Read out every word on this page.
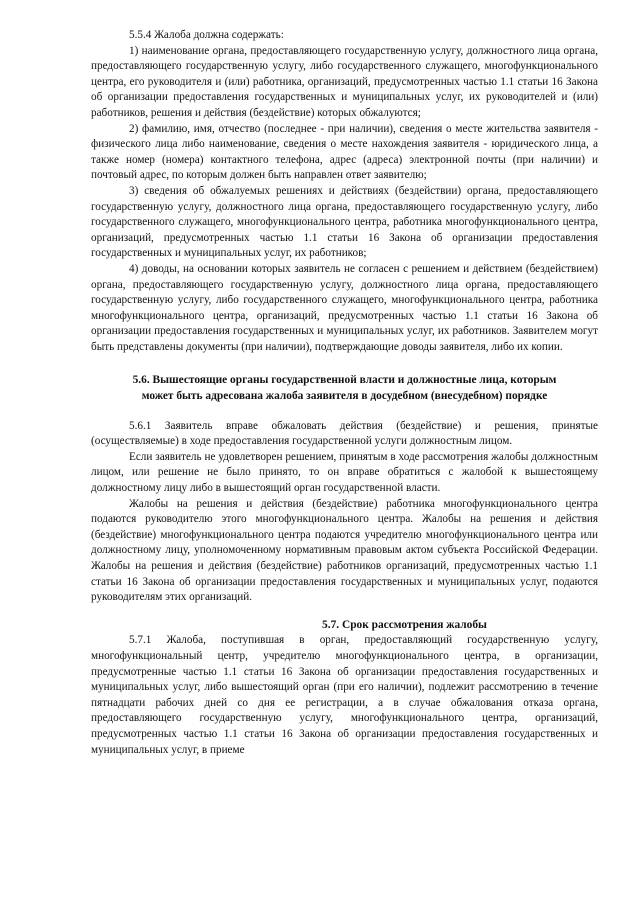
5.5.4 Жалоба должна содержать:

1) наименование органа, предоставляющего государственную услугу, должностного лица органа, предоставляющего государственную услугу, либо государственного служащего, многофункционального центра, его руководителя и (или) работника, организаций, предусмотренных частью 1.1 статьи 16 Закона об организации предоставления государственных и муниципальных услуг, их руководителей и (или) работников, решения и действия (бездействие) которых обжалуются;

2) фамилию, имя, отчество (последнее - при наличии), сведения о месте жительства заявителя - физического лица либо наименование, сведения о месте нахождения заявителя - юридического лица, а также номер (номера) контактного телефона, адрес (адреса) электронной почты (при наличии) и почтовый адрес, по которым должен быть направлен ответ заявителю;

3) сведения об обжалуемых решениях и действиях (бездействии) органа, предоставляющего государственную услугу, должностного лица органа, предоставляющего государственную услугу, либо государственного служащего, многофункционального центра, работника многофункционального центра, организаций, предусмотренных частью 1.1 статьи 16 Закона об организации предоставления государственных и муниципальных услуг, их работников;

4) доводы, на основании которых заявитель не согласен с решением и действием (бездействием) органа, предоставляющего государственную услугу, должностного лица органа, предоставляющего государственную услугу, либо государственного служащего, многофункционального центра, работника многофункционального центра, организаций, предусмотренных частью 1.1 статьи 16 Закона об организации предоставления государственных и муниципальных услуг, их работников. Заявителем могут быть представлены документы (при наличии), подтверждающие доводы заявителя, либо их копии.

5.6. Вышестоящие органы государственной власти и должностные лица, которым
может быть адресована жалоба заявителя в досудебном (внесудебном) порядке

5.6.1 Заявитель вправе обжаловать действия (бездействие) и решения, принятые (осуществляемые) в ходе предоставления государственной услуги должностным лицом.

Если заявитель не удовлетворен решением, принятым в ходе рассмотрения жалобы должностным лицом, или решение не было принято, то он вправе обратиться с жалобой к вышестоящему должностному лицу либо в вышестоящий орган государственной власти.

Жалобы на решения и действия (бездействие) работника многофункционального центра подаются руководителю этого многофункционального центра. Жалобы на решения и действия (бездействие) многофункционального центра подаются учредителю многофункционального центра или должностному лицу, уполномоченному нормативным правовым актом субъекта Российской Федерации. Жалобы на решения и действия (бездействие) работников организаций, предусмотренных частью 1.1 статьи 16 Закона об организации предоставления государственных и муниципальных услуг, подаются руководителям этих организаций.

5.7. Срок рассмотрения жалобы

5.7.1 Жалоба, поступившая в орган, предоставляющий государственную услугу, многофункциональный центр, учредителю многофункционального центра, в организации, предусмотренные частью 1.1 статьи 16 Закона об организации предоставления государственных и муниципальных услуг, либо вышестоящий орган (при его наличии), подлежит рассмотрению в течение пятнадцати рабочих дней со дня ее регистрации, а в случае обжалования отказа органа, предоставляющего государственную услугу, многофункционального центра, организаций, предусмотренных частью 1.1 статьи 16 Закона об организации предоставления государственных и муниципальных услуг, в приеме
